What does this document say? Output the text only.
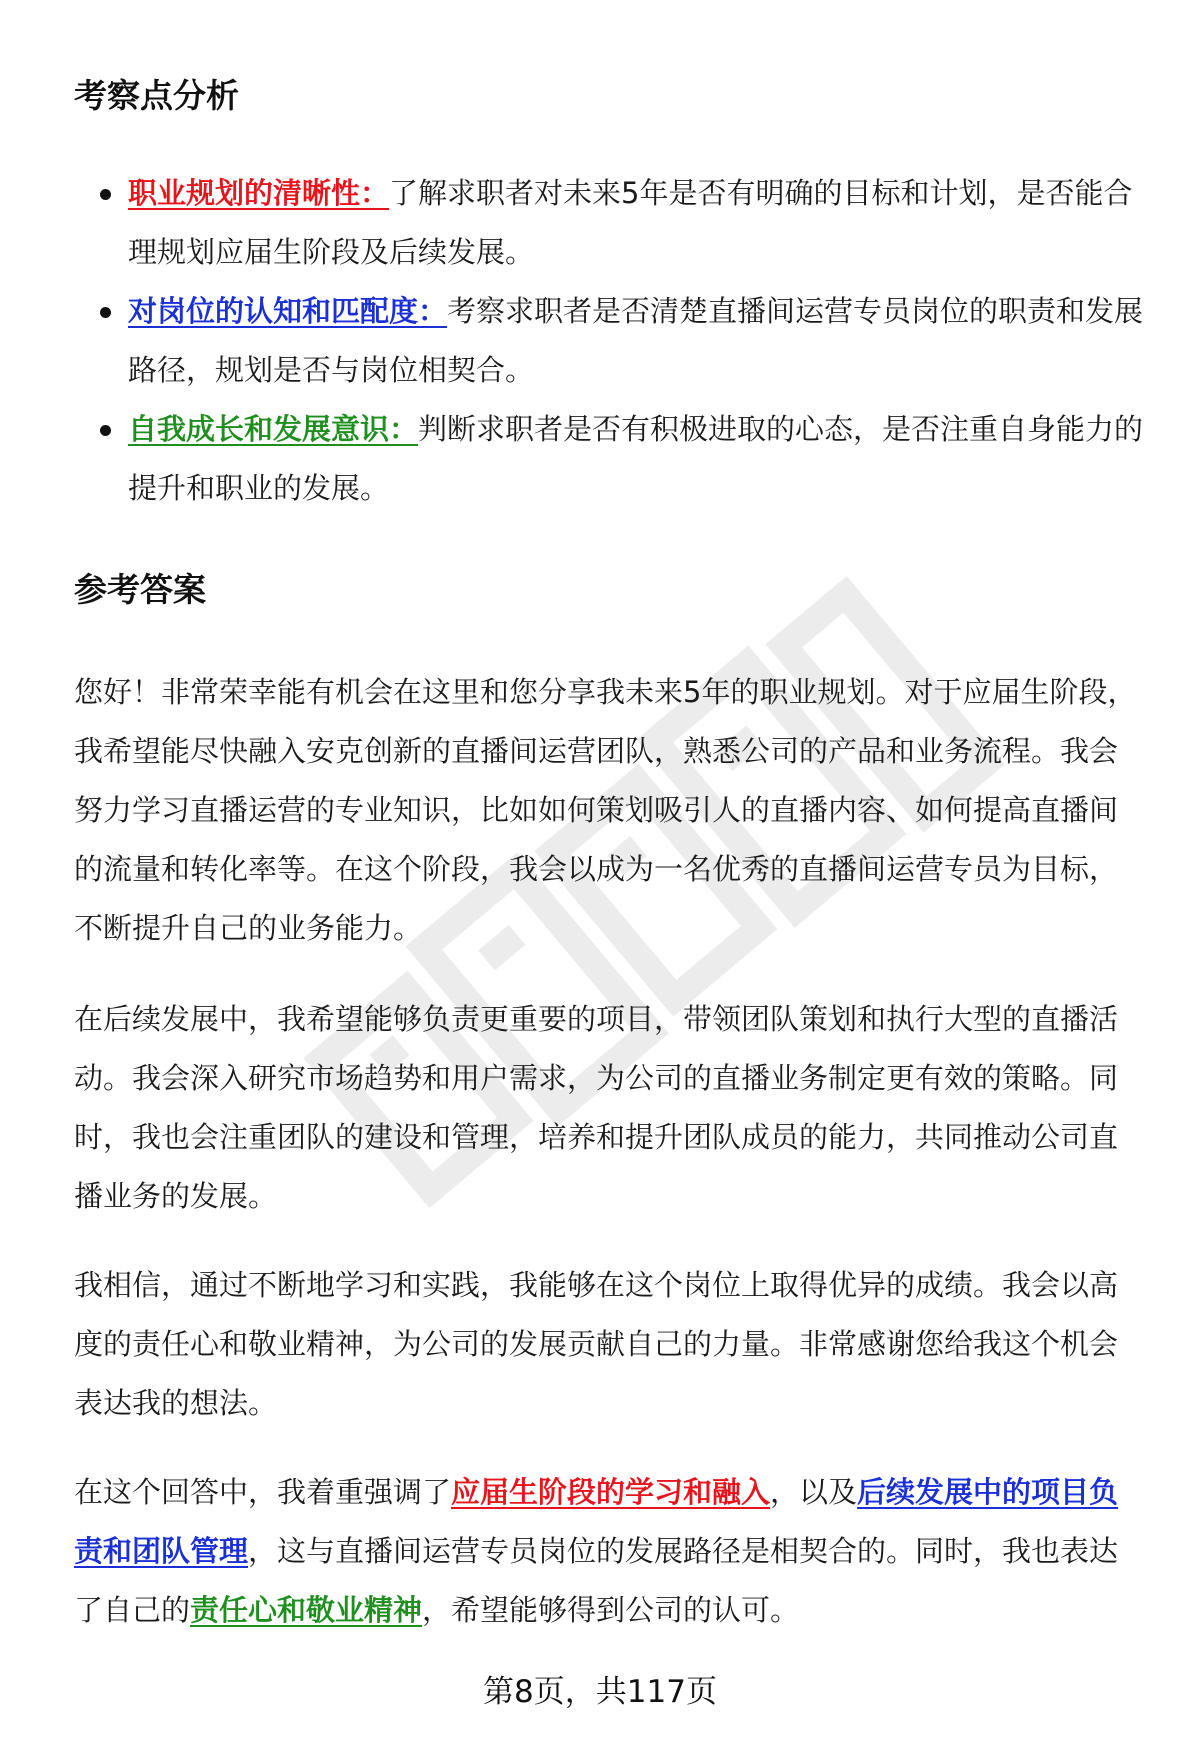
考察点分析
职业规划的清晰性：了解求职者对未来5年是否有明确的目标和计划，是否能合理规划应届生阶段及后续发展。
对岗位的认知和匹配度：考察求职者是否清楚直播间运营专员岗位的职责和发展路径，规划是否与岗位相契合。
自我成长和发展意识：判断求职者是否有积极进取的心态，是否注重自身能力的提升和职业的发展。
参考答案

您好！非常荣幸能有机会在这里和您分享我未来5年的职业规划。对于应届生阶段，我希望能尽快融入安克创新的直播间运营团队，熟悉公司的产品和业务流程。我会努力学习直播运营的专业知识，比如如何策划吸引人的直播内容、如何提高直播间的流量和转化率等。在这个阶段，我会以成为一名优秀的直播间运营专员为目标，不断提升自己的业务能力。

在后续发展中，我希望能够负责更重要的项目，带领团队策划和执行大型的直播活动。我会深入研究市场趋势和用户需求，为公司的直播业务制定更有效的策略。同时，我也会注重团队的建设和管理，培养和提升团队成员的能力，共同推动公司直播业务的发展。

我相信，通过不断地学习和实践，我能够在这个岗位上取得优异的成绩。我会以高度的责任心和敬业精神，为公司的发展贡献自己的力量。非常感谢您给我这个机会表达我的想法。

在这个回答中，我着重强调了应届生阶段的学习和融入，以及后续发展中的项目负责和团队管理，这与直播间运营专员岗位的发展路径是相契合的。同时，我也表达了自己的责任心和敬业精神，希望能够得到公司的认可。

第8页，共117页
